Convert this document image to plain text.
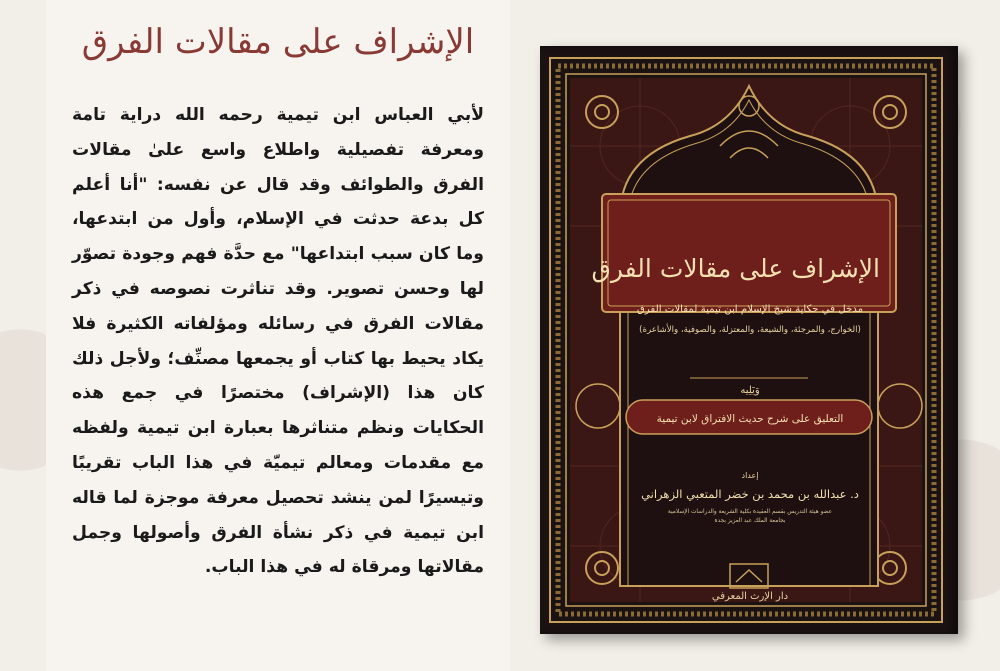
الإشراف على مقالات الفرق
لأبي العباس ابن تيمية رحمه الله دراية تامة ومعرفة تفصيلية واطلاع واسع علىٰ مقالات الفرق والطوائف وقد قال عن نفسه: "أنا أعلم كل بدعة حدثت في الإسلام، وأول من ابتدعها، وما كان سبب ابتداعها" مع حدَّة فهم وجودة تصوّر لها وحسن تصوير. وقد تناثرت نصوصه في ذكر مقالات الفرق في رسائله ومؤلفاته الكثيرة فلا يكاد يحيط بها كتاب أو يجمعها مصنِّف؛ ولأجل ذلك كان هذا (الإشراف) مختصرًا في جمع هذه الحكايات ونظم متناثرها بعبارة ابن تيمية ولفظه مع مقدمات ومعالم تيميّة في هذا الباب تقريبًا وتيسيرًا لمن ينشد تحصيل معرفة موجزة لما قاله ابن تيمية في ذكر نشأة الفرق وأصولها وجمل مقالاتها ومرقاة له في هذا الباب.
الإشراف على مقالات الفرق
مدخل في حكاية شيخ الإسلام ابن تيمية لمقالات الفرق
(الخوارج، والمرجئة، والشيعة، والمعتزلة، والصوفية، والأشاعرة)
وَيَلِيه
التعليق على شرح حديث الافتراق لابن تيمية
إعداد
د. عبدالله بن محمد بن خضر المتعبي الزهراني
عضو هيئة التدريس بقسم العقيدة بكلية الشريعة والدراسات الإسلامية بجامعة الملك عبد العزيز بجدة
دار الإرث المعرفي
